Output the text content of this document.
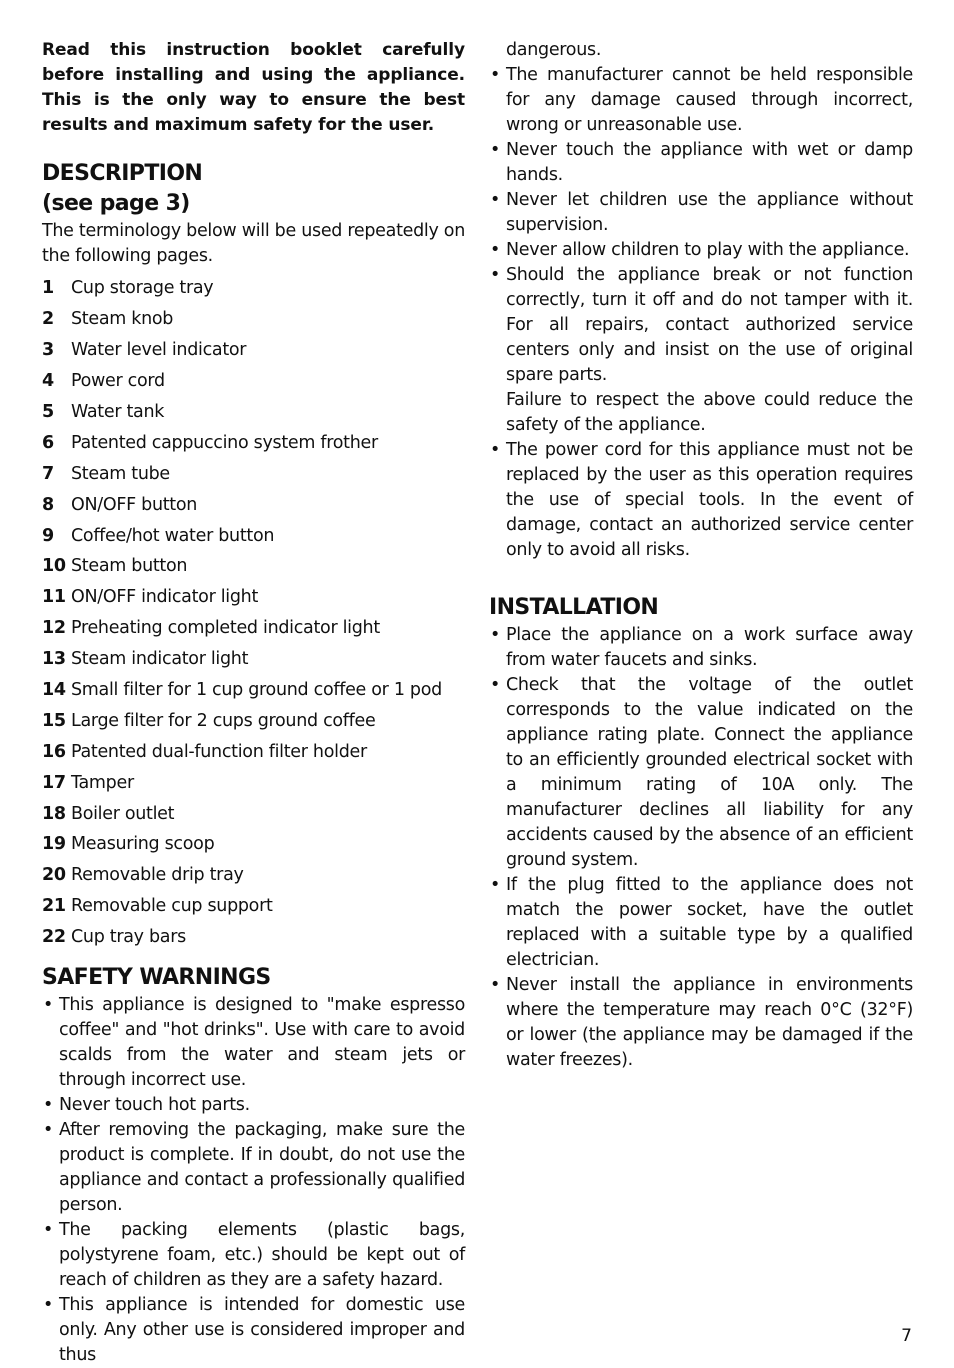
Read this instruction booklet carefully before installing and using the appliance. This is the only way to ensure the best results and maximum safety for the user.

DESCRIPTION
(see page 3)

The terminology below will be used repeatedly on the following pages.

1 Cup storage tray
2 Steam knob
3 Water level indicator
4 Power cord
5 Water tank
6 Patented cappuccino system frother
7 Steam tube
8 ON/OFF button
9 Coffee/hot water button
10 Steam button
11 ON/OFF indicator light
12 Preheating completed indicator light
13 Steam indicator light
14 Small filter for 1 cup ground coffee or 1 pod
15 Large filter for 2 cups ground coffee
16 Patented dual-function filter holder
17 Tamper
18 Boiler outlet
19 Measuring scoop
20 Removable drip tray
21 Removable cup support
22 Cup tray bars
SAFETY WARNINGS
• This appliance is designed to "make espresso coffee" and "hot drinks". Use with care to avoid scalds from the water and steam jets or through incorrect use.
• Never touch hot parts.
• After removing the packaging, make sure the product is complete. If in doubt, do not use the appliance and contact a professionally qualified person.
• The packing elements (plastic bags, polystyrene foam, etc.) should be kept out of reach of children as they are a safety hazard.
• This appliance is intended for domestic use only. Any other use is considered improper and thus
dangerous.
• The manufacturer cannot be held responsible for any damage caused through incorrect, wrong or unreasonable use.
• Never touch the appliance with wet or damp hands.
• Never let children use the appliance without supervision.
• Never allow children to play with the appliance.
• Should the appliance break or not function correctly, turn it off and do not tamper with it. For all repairs, contact authorized service centers only and insist on the use of original spare parts.
Failure to respect the above could reduce the safety of the appliance.
• The power cord for this appliance must not be replaced by the user as this operation requires the use of special tools. In the event of damage, contact an authorized service center only to avoid all risks.
INSTALLATION
• Place the appliance on a work surface away from water faucets and sinks.
• Check that the voltage of the outlet corresponds to the value indicated on the appliance rating plate. Connect the appliance to an efficiently grounded electrical socket with a minimum rating of 10A only. The manufacturer declines all liability for any accidents caused by the absence of an efficient ground system.
• If the plug fitted to the appliance does not match the power socket, have the outlet replaced with a suitable type by a qualified electrician.
• Never install the appliance in environments where the temperature may reach 0°C (32°F) or lower (the appliance may be damaged if the water freezes).
7
